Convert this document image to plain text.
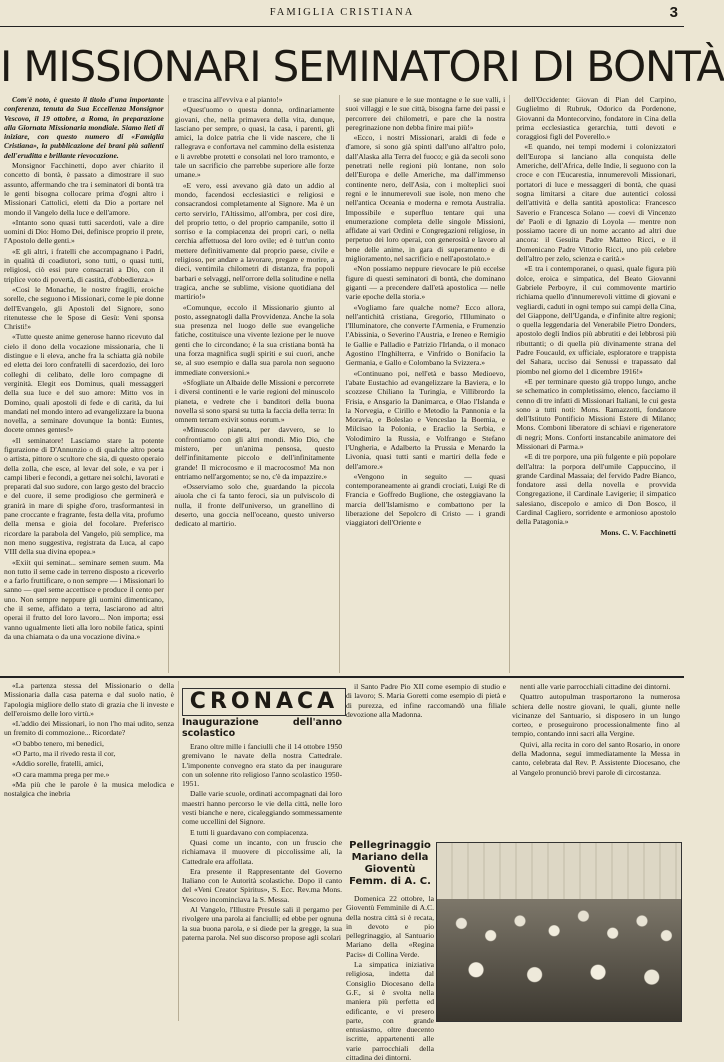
FAMIGLIA CRISTIANA	3
I MISSIONARI SEMINATORI DI BONTÀ

Com'è noto, è questo il titolo d'una importante conferenza, tenuta da Sua Eccellenza Monsignor Vescovo, il 19 ottobre, a Roma, in preparazione alla Giornata Missionaria mondiale. Siamo lieti di iniziare, con questo numero di «Famiglia Cristiana», la pubblicazione dei brani più salienti dell'eruditta e brillante rievocazione.

Monsignor Facchinetti, dopo aver chiarito il concetto di bontà, è passato a dimostrare il suo assunto, affermando che tra i seminatori di bontà tra le genti bisogna collocare prima d'ogni altro i Missionari Cattolici, eletti da Dio a portare nel mondo il Vangelo della luce e dell'amore.

«Intanto sono quasi tutti sacerdoti, vale a dire uomini di Dio: Homo Dei, definisce proprio il prete, l'Apostolo delle genti.»

«E gli altri, i fratelli che accompagnano i Padri, in qualità di coadiutori, sono tutti, o quasi tutti, religiosi, ciò essi pure consacrati a Dio, con il triplice voto di povertà, di castità, d'obbedienza.»

«Così le Monache, le nostre fragili, eroiche sorelle, che seguono i Missionari, come le pie donne dell'Evangelo, gli Apostoli del Signore, sono ritenutesse che le Spose di Gesù: Veni sponsa Christi!»

«Tutte queste anime generose hanno ricevuto dal cielo il dono della vocazione missionaria, che li distingue e li eleva, anche fra la schiatta già nobile ed eletta dei loro confratelli di sacerdozio, dei loro colleghi di celibato, delle loro compagne di verginità. Elegit eos Dominus, quali messaggeri della sua luce e del suo amore: Mitto vos in Domino, quali apostoli di fede e di carità, da lui mandati nel mondo intero ad evangelizzare la buona novella, a seminare dovunque la bontà: Euntes, docete omnes gentes!»

«Il seminatore! Lasciamo stare la potente figurazione di D'Annunzio o di qualche altro poeta o artista, pittore o scultore che sia, di questo operaio della zolla, che esce, al levar del sole, e va per i campi liberi e fecondi, a gettare nei solchi, lavorati e preparati dal suo sudore, con largo gesto del braccio e del cuore, il seme prodigioso che germinerà e granirà in mare di spighe d'oro, trasformantesi in pane croccante e fragrante, festa della vita, profumo della mensa e gioia del focolare. Preferisco ricordare la parabola del Vangelo, più semplice, ma non meno suggestiva, registrata da Luca, al capo VIII della sua divina epopea.»

«Exiit qui seminat... seminare semen suum. Ma non tutto il seme cade in terreno disposto a riceverlo e a farlo fruttificare, o non sempre — i Missionari lo sanno — quel seme accettisce e produce il cento per uno. Non sempre neppure gli uomini dimenticano, che il seme, affidato a terra, lasciarono ad altri operai il frutto del loro lavoro... Non importa; essi vanno ugualmente lieti alla loro nobile fatica, spinti da una chiamata o da una vocazione divina.»

e trascina all'evviva e al pianto!»

«Quest'uomo o questa donna, ordinariamente giovani, che, nella primavera della vita, dunque, lasciano per sempre, o quasi, la casa, i parenti, gli amici, la dolce patria che li vide nascere, che li rallegrava e confortava nel cammino della esistenza e li avrebbe protetti e consolati nel loro tramonto, e tale un sacrificio che parrebbe superiore alle forze umane.»

«E vero, essi avevano già dato un addio al mondo, facendosi ecclesiastici e religiosi e consacrandosi completamente al Signore. Ma è un certo servirlo, l'Altissimo, all'ombra, per così dire, del proprio tetto, o del proprio campanile, sotto il sorriso e la compiacenza dei propri cari, o nella cerchia affettuosa del loro ovile; ed è tutt'un conto mettere definitivamente dal proprio paese, civile e religioso, per andare a lavorare, pregare e morire, a dieci, ventimila chilometri di distanza, fra popoli barbari e selvaggi, nell'orrore della solitudine e nella tragica, anche se sublime, visione quotidiana del martirio!»

«Comunque, eccolo il Missionario giunto al posto, assegnatogli dalla Provvidenza. Anche la sola sua presenza nel luogo delle sue evangeliche fatiche, costituisce una vivente lezione per le nuove genti che lo circondano; è la sua cristiana bontà ha una forza magnifica sugli spiriti e sui cuori, anche se, al suo esempio e dalla sua parola non seguono immediate conversioni.»

«Sfogliate un Albaide delle Missioni e percorrete i diversi continenti e le varie regioni del minuscolo pianeta, e vedrete che i banditori della buona novella si sono sparsi su tutta la faccia della terra: In omnem terram exivit sonus eorum.»

«Minuscolo pianeta, per davvero, se lo confrontiamo con gli altri mondi. Mio Dio, che mistero, per un'anima pensosa, questo dell'infinitamente piccolo e dell'infinitamente grande! Il microcosmo e il macrocosmo! Ma non entriamo nell'argomento; se no, c'è da impazzire.»

«Osserviamo solo che, guardando la piccola aiuola che ci fa tanto feroci, sia un pulviscolo di nulla, il fronte dell'universo, un granellino di deserto, una goccia nell'oceano, questo universo dedicato al martirio.

se sue pianure e le sue montagne e le sue valli, i suoi villaggi e le sue città, bisogna farne dei passi e percorrere dei chilometri, e pare che la nostra peregrinazione non debba finire mai più!»

«Ecco, i nostri Missionari, araldi di fede e d'amore, si sono già spinti dall'uno all'altro polo, dall'Alaska alla Terra del fuoco; e già da secoli sono penetrati nelle regioni più lontane, non solo dell'Europa e delle Americhe, ma dall'immenso continente nero, dell'Asia, con i molteplici suoi regni e le innumerevoli sue isole, non meno che nell'antica Oceania e moderna e remota Australia. Impossibile e superfluo tentare qui una enumerazione completa delle singole Missioni, affidate ai vari Ordini e Congregazioni religiose, in perpetuo dei loro operai, con generosità e lavoro al bene delle anime, in gara di superamento e di miglioramento, nel sacrificio e nell'apostolato.»

«Non possiamo neppure rievocare le più eccelse figure di questi seminatori di bontà, che dominano giganti — a precendere dall'età apostolica — nelle varie epoche della storia.»

«Vogliamo fare qualche nome? Ecco allora, nell'antichità cristiana, Gregorio, l'Illuminato o l'Illuminatore, che converte l'Armenia, e Frumenzio l'Abissinia, o Severino l'Austria, e Ireneo e Remigio le Gallie e Palladio e Patrizio l'Irlanda, o il monaco Agostino l'Inghilterra, e Vinfrido o Bonifacio la Germania, e Gallo e Colombano la Svizzera.»

«Continuano poi, nell'età e basso Medioevo, l'abate Eustachio ad evangelizzare la Baviera, e lo scozzese Chiliano la Turingia, e Villibrordo la Frisia, e Ansgario la Danimarca, e Olao l'Islanda e la Norvegia, e Cirillo e Metodio la Pannonia e la Moravia, e Boleslao e Venceslao la Boemia, e Milcisao la Polonia, e Eraclio la Serbia, e Volodimiro la Russia, e Volfrango e Stefano l'Ungheria, e Adalberto la Prussia e Menardo la Livonia, quasi tutti santi e martiri della fede e dell'amore.»

«Vengono in seguito — quasi contemporaneamente ai grandi crociati, Luigi Re di Francia e Goffredo Buglione, che osteggiavano la marcia dell'Islamismo e combattono per la liberazione del Sepolcro di Cristo — i grandi viaggiatori dell'Oriente e

dell'Occidente: Giovan di Pian del Carpino, Guglielmo di Rubruk, Odorico da Pordenone, Giovanni da Montecorvino, fondatore in Cina della prima ecclesiastica gerarchia, tutti devoti e coraggiosi figli del Poverello.»

«E quando, nei tempi moderni i colonizzatori dell'Europa si lanciano alla conquista delle Americhe, dell'Africa, delle Indie, li seguono con la croce e con l'Eucarestia, innumerevoli Missionari, portatori di luce e messaggeri di bontà, che quasi sogna limitarsi a citare due autentici colossi dell'attività e della santità apostolica: Francesco Saverio e Francesca Solano — coevi di Vincenzo de' Paoli e di Ignazio di Loyola — mentre non possiamo tacere di un nome accanto ad altri due ancora: il Gesuita Padre Matteo Ricci, e il Domenicano Padre Vittorio Ricci, uno più celebre dell'altro per zelo, scienza e carità.»

«E tra i contemporanei, o quasi, quale figura più dolce, eroica e simpatica, del Beato Giovanni Gabriele Perboyre, il cui commovente martirio richiama quello d'innumerevoli vittime di giovani e vegliardi, caduti in ogni tempo sui campi della Cina, del Giappone, dell'Uganda, e d'infinite altre regioni; o quella leggendaria del Venerabile Pietro Donders, apostolo degli Indios più abbrutiti e dei lebbrosi più ributtanti; o di quella più divinamente strana del Padre Foucauld, ex ufficiale, esploratore e trappista del Sahara, ucciso dai Senussi e trapassato dal piombo nel giorno del 1 dicembre 1916!»

«E per terminare questo già troppo lungo, anche se schematico in completissimo, elenco, facciamo il cenno di tre infatti di Missionari Italiani, le cui gesta sono a tutti noti: Mons. Ramazzotti, fondatore dell'Istituto Pontificio Missioni Estere di Milano; Mons. Comboni liberatore di schiavi e rigeneratore di negri; Mons. Conforti instancabile animatore dei Missionari di Parma.»

«E di tre porpore, una più fulgente e più popolare dell'altra: la porpora dell'umile Cappuccino, il grande Cardinal Massaia; del fervido Padre Bianco, fondatore assi della novella e provvida Congregazione, il Cardinale Lavigerie; il simpatico salesiano, discepolo e amico di Don Bosco, il Cardinal Cagliero, sorridente e armonioso apostolo della Patagonia.»

Mons. C. V. Facchinetti

«La partenza stessa del Missionario o della Missionaria dalla casa paterna e dal suolo natio, è l'apologia migliore dello stato di grazia che li investe e dell'eroismo delle loro virtù.»

«L'addio dei Missionari, io non l'ho mai udito, senza un fremito di commozione... Ricordate?

«O babbo tenero, mi benedici,

«O Parto, ma il rivedo resta il cor,

«Addio sorelle, fratelli, amici,

«O cara mamma prega per me.»

«Ma più che le parole è la musica melodica e nostalgica che inebria

CRONACA

Inaugurazione dell'anno scolastico

Erano oltre mille i fanciulli che il 14 ottobre 1950 gremivano le navate della nostra Cattedrale. L'imponente convegno era stato da per inaugurare con un solenne rito religioso l'anno scolastico 1950-1951.

Dalle varie scuole, ordinati accompagnati dai loro maestri hanno percorso le vie della città, nelle loro vesti bianche e nere, cicaleggiando sommessamente come uccellini del Signore.

E tutti li guardavano con compiacenza.

Quasi come un incanto, con un fruscio che richiamava il muovere di piccolissime ali, la Cattedrale era affollata.

Era presente il Rappresentante del Governo Italiano con le Autorità scolastiche. Dopo il canto del «Veni Creator Spiritus», S. Ecc. Rev.ma Mons. Vescovo incominciava la S. Messa.

Al Vangelo, l'Illustre Presule sali il pergamo per rivolgere una parola ai fanciulli; ed ebbe per ognuna la sua buona parola, e si diede per la gregge, la sua paterna parola. Nel suo discorso propose agli scolari

il Santo Padre Pio XII come esempio di studio e di lavoro; S. Maria Goretti come esempio di pietà e di purezza, ed infine raccomandò una filiale devozione alla Madonna.

Pellegrinaggio Mariano della Gioventù Femm. di A. C.

Domenica 22 ottobre, la Gioventù Femminile di A.C. della nostra città si è recata, in devoto e pio pellegrinaggio, al Santuario Mariano della «Regina Pacis» di Collina Verde.

La simpatica iniziativa religiosa, indetta dal Consiglio Diocesano della G.F., si è svolta nella maniera più perfetta ed edificante, e vi presero parte, con grande entusiasmo, oltre duecento iscritte, appartenenti alle varie parrocchiali della cittadina dei dintorni.

nenti alle varie parrocchiali cittadine dei dintorni.

Quattro autopulman trasportarono la numerosa schiera delle nostre giovani, le quali, giunte nelle vicinanze del Santuario, si disposero in un lungo corteo, e proseguirono processionalmente fino al tempio, contando inni sacri alla Vergine.

Quivi, alla recita in coro del santo Rosario, in onore della Madonna, seguì immediatamente la Messa in canto, celebrata dal Rev. P. Assistente Diocesano, che al Vangelo pronunciò brevi parole di circostanza.
